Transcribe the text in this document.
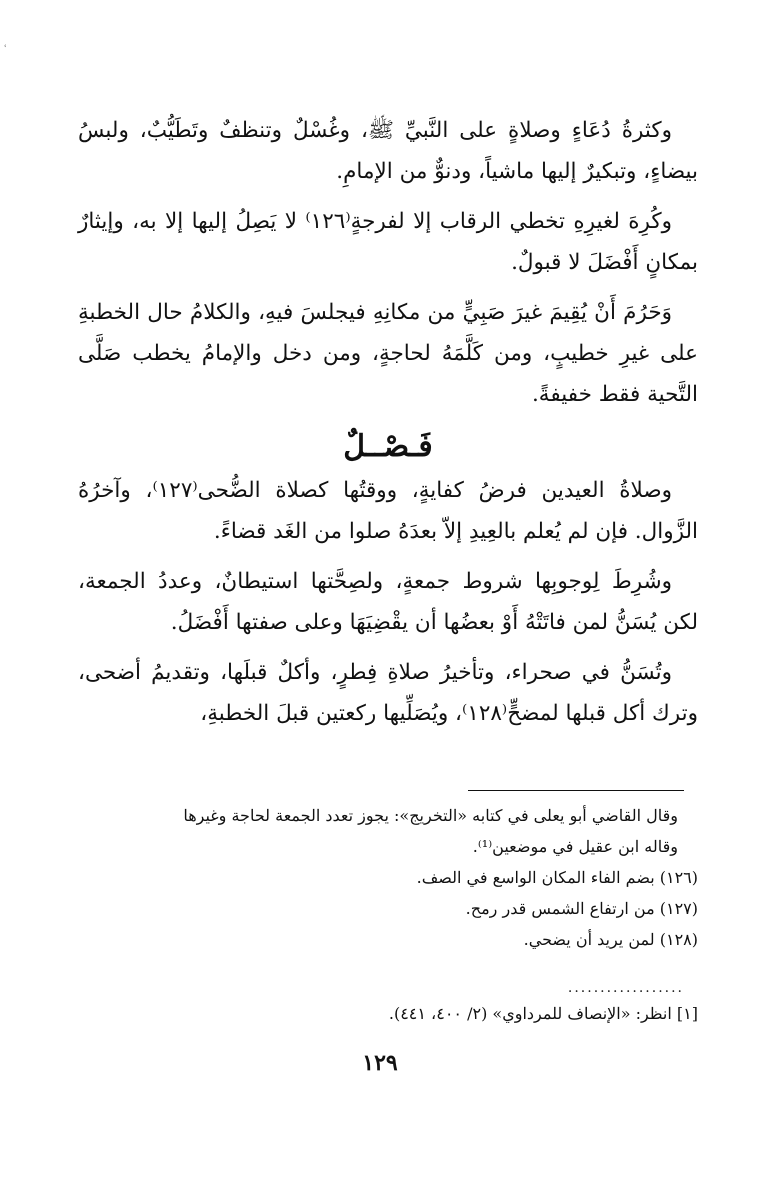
ʿ

وكثرةُ دُعَاءٍ وصلاةٍ على النَّبيِّ ﷺ، وغُسْلٌ وتنظفٌ وتَطَيُّبٌ، ولبسُ بيضاءٍ، وتبكيرٌ إليها ماشياً، ودنوٌّ من الإمامِ.

وكُرِهَ لغيرِهِ تخطي الرقاب إلا لفرجةٍ⁽١٢٦⁾ لا يَصِلُ إليها إلا به، وإيثارٌ بمكانٍ أَفْضَلَ لا قبولٌ.

وَحَرُمَ أَنْ يُقِيمَ غيرَ صَبِيٍّ من مكانِهِ فيجلسَ فيهِ، والكلامُ حال الخطبةِ على غيرِ خطيبٍ، ومن كَلَّمَهُ لحاجةٍ، ومن دخل والإمامُ يخطب صَلَّى التَّحية فقط خفيفةً.

فَـصْــلٌ

وصلاةُ العيدين فرضُ كفايةٍ، ووقتُها كصلاة الضُّحى⁽١٢٧⁾، وآخرُهُ الزَّوال. فإن لم يُعلم بالعِيدِ إلاّ بعدَهُ صلوا من الغَد قضاءً.

وشُرِطَ لِوجوبِها شروط جمعةٍ، ولصِحَّتها استيطانٌ، وعددُ الجمعة، لكن يُسَنُّ لمن فاتَتْهُ أَوْ بعضُها أن يقْضِيَهَا وعلى صفتها أَفْضَلُ.

وتُسَنُّ في صحراء، وتأخيرُ صلاةِ فِطرٍ، وأكلٌ قبلَها، وتقديمُ أضحى، وترك أكل قبلها لمضحٍّ⁽١٢٨⁾، ويُصَلِّيها ركعتين قبلَ الخطبةِ،

وقال القاضي أبو يعلى في كتابه «التخريج»: يجوز تعدد الجمعة لحاجة وغيرها

وقاله ابن عقيل في موضعين⁽¹⁾.

(١٢٦) بضم الفاء المكان الواسع في الصف.

(١٢٧) من ارتفاع الشمس قدر رمح.

(١٢٨) لمن يريد أن يضحي.

..................
[١] انظر: «الإنصاف للمرداوي» (٢/ ٤٠٠، ٤٤١).
١٢٩
